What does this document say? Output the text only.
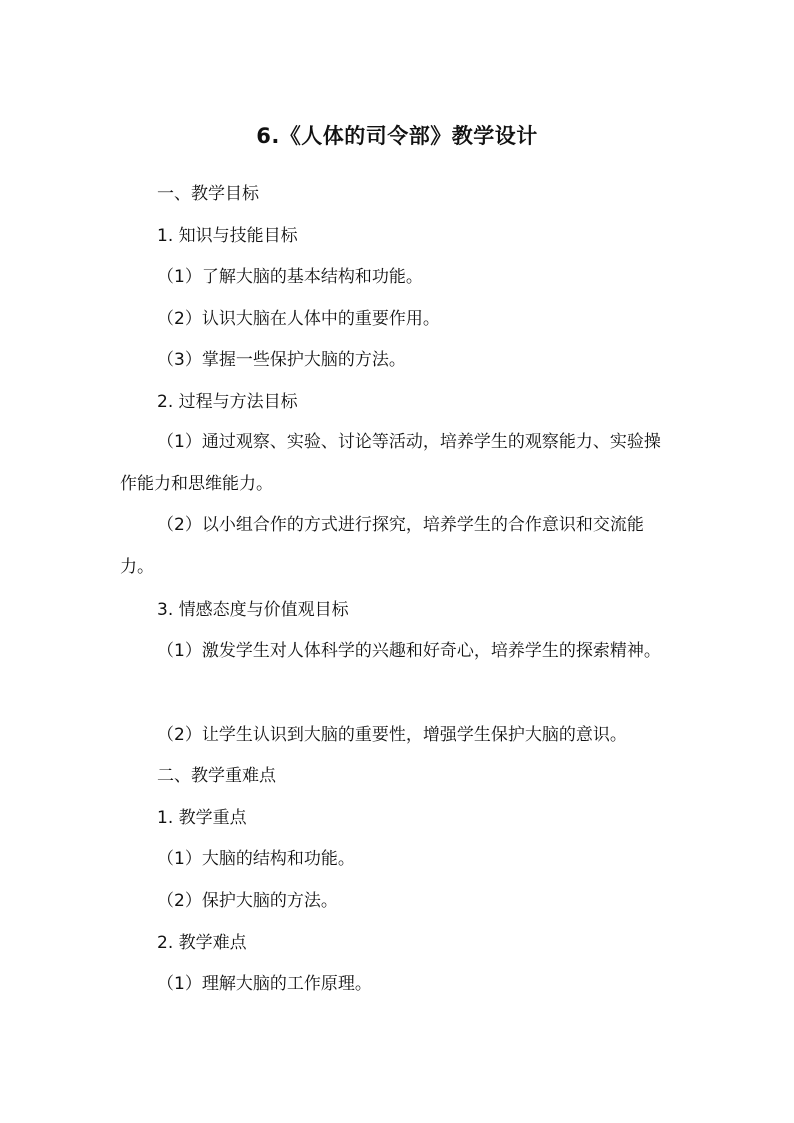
6.《人体的司令部》教学设计
一、教学目标
1. 知识与技能目标
（1）了解大脑的基本结构和功能。
（2）认识大脑在人体中的重要作用。
（3）掌握一些保护大脑的方法。
2. 过程与方法目标
（1）通过观察、实验、讨论等活动，培养学生的观察能力、实验操作能力和思维能力。
（2）以小组合作的方式进行探究，培养学生的合作意识和交流能力。
3. 情感态度与价值观目标
（1）激发学生对人体科学的兴趣和好奇心，培养学生的探索精神。
（2）让学生认识到大脑的重要性，增强学生保护大脑的意识。
二、教学重难点
1. 教学重点
（1）大脑的结构和功能。
（2）保护大脑的方法。
2. 教学难点
（1）理解大脑的工作原理。
